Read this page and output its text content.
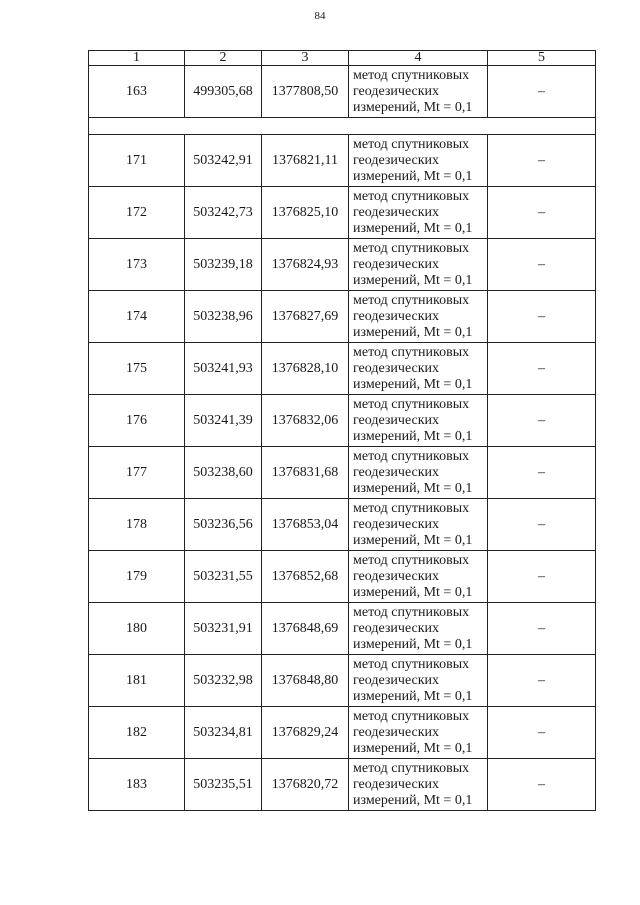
84
1	2	3	4	5
163	499305,68	1377808,50	метод спутниковых
геодезических
измерений, Mt = 0,1	–

171	503242,91	1376821,11	метод спутниковых
геодезических
измерений, Mt = 0,1	–
172	503242,73	1376825,10	метод спутниковых
геодезических
измерений, Mt = 0,1	–
173	503239,18	1376824,93	метод спутниковых
геодезических
измерений, Mt = 0,1	–
174	503238,96	1376827,69	метод спутниковых
геодезических
измерений, Mt = 0,1	–
175	503241,93	1376828,10	метод спутниковых
геодезических
измерений, Mt = 0,1	–
176	503241,39	1376832,06	метод спутниковых
геодезических
измерений, Mt = 0,1	–
177	503238,60	1376831,68	метод спутниковых
геодезических
измерений, Mt = 0,1	–
178	503236,56	1376853,04	метод спутниковых
геодезических
измерений, Mt = 0,1	–
179	503231,55	1376852,68	метод спутниковых
геодезических
измерений, Mt = 0,1	–
180	503231,91	1376848,69	метод спутниковых
геодезических
измерений, Mt = 0,1	–
181	503232,98	1376848,80	метод спутниковых
геодезических
измерений, Mt = 0,1	–
182	503234,81	1376829,24	метод спутниковых
геодезических
измерений, Mt = 0,1	–
183	503235,51	1376820,72	метод спутниковых
геодезических
измерений, Mt = 0,1	–
